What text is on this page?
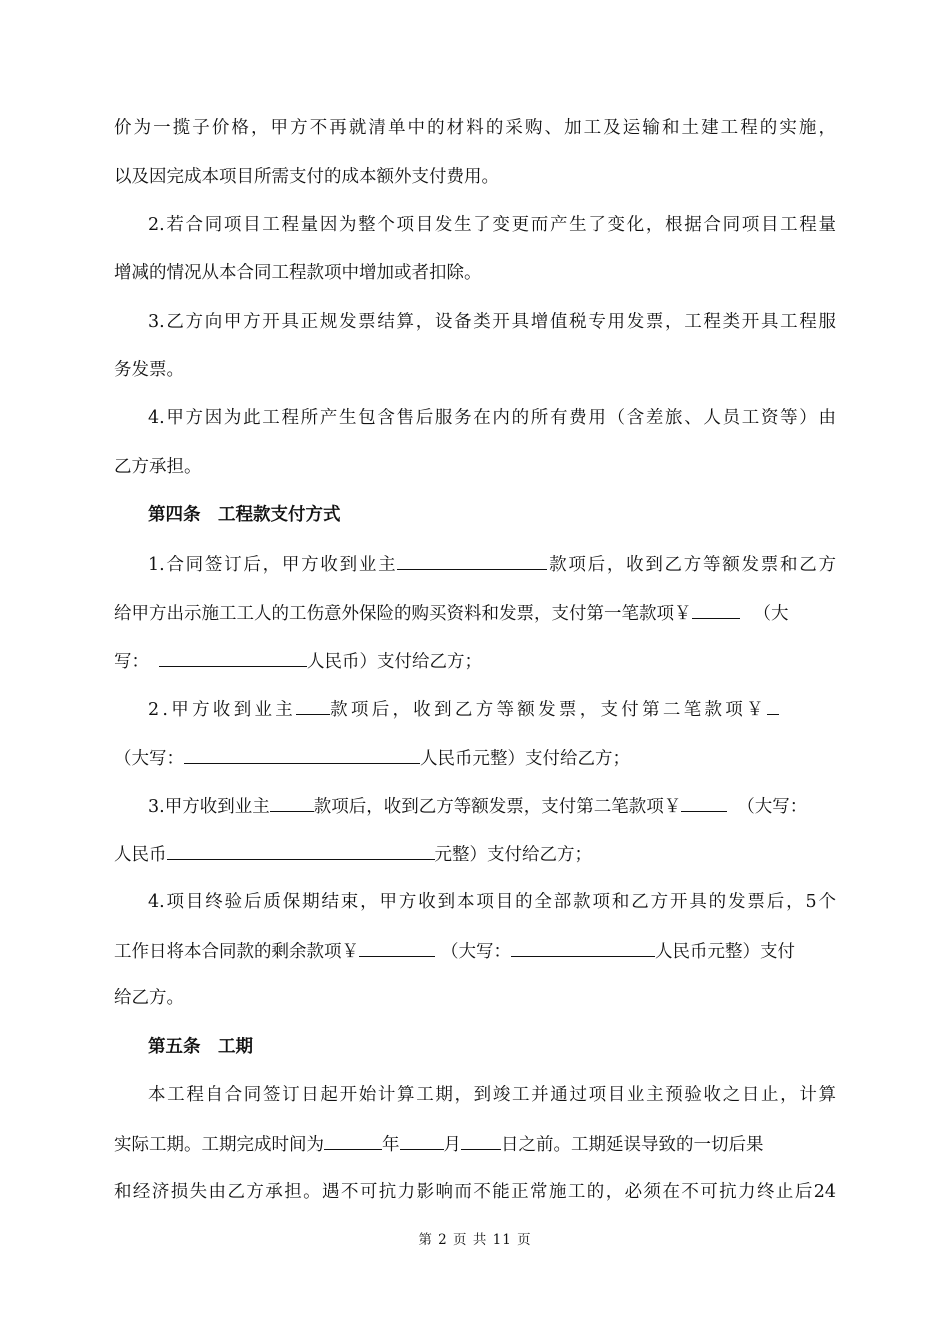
价为一揽子价格，甲方不再就清单中的材料的采购、加工及运输和土建工程的实施，
以及因完成本项目所需支付的成本额外支付费用。
2.若合同项目工程量因为整个项目发生了变更而产生了变化，根据合同项目工程量
增减的情况从本合同工程款项中增加或者扣除。
3.乙方向甲方开具正规发票结算，设备类开具增值税专用发票，工程类开具工程服
务发票。
4.甲方因为此工程所产生包含售后服务在内的所有费用（含差旅、人员工资等）由
乙方承担。
第四条　工程款支付方式
1.合同签订后，甲方收到业主	款项后，收到乙方等额发票和乙方
给甲方出示施工工人的工伤意外保险的购买资料和发票，支付第一笔款项￥	（大
写：	人民币）支付给乙方；
2.甲方收到业主 款项后，收到乙方等额发票，支付第二笔款项￥
（大写：	人民币元整）支付给乙方；
3.甲方收到业主	款项后，收到乙方等额发票，支付第二笔款项￥	（大写：
人民币	元整）支付给乙方；
4.项目终验后质保期结束，甲方收到本项目的全部款项和乙方开具的发票后，5个
工作日将本合同款的剩余款项￥	（大写：	人民币元整）支付
给乙方。
第五条　工期
本工程自合同签订日起开始计算工期，到竣工并通过项目业主预验收之日止，计算
实际工期。工期完成时间为	年	月 日之前。工期延误导致的一切后果
和经济损失由乙方承担。遇不可抗力影响而不能正常施工的，必须在不可抗力终止后24
第 2 页 共 11 页
